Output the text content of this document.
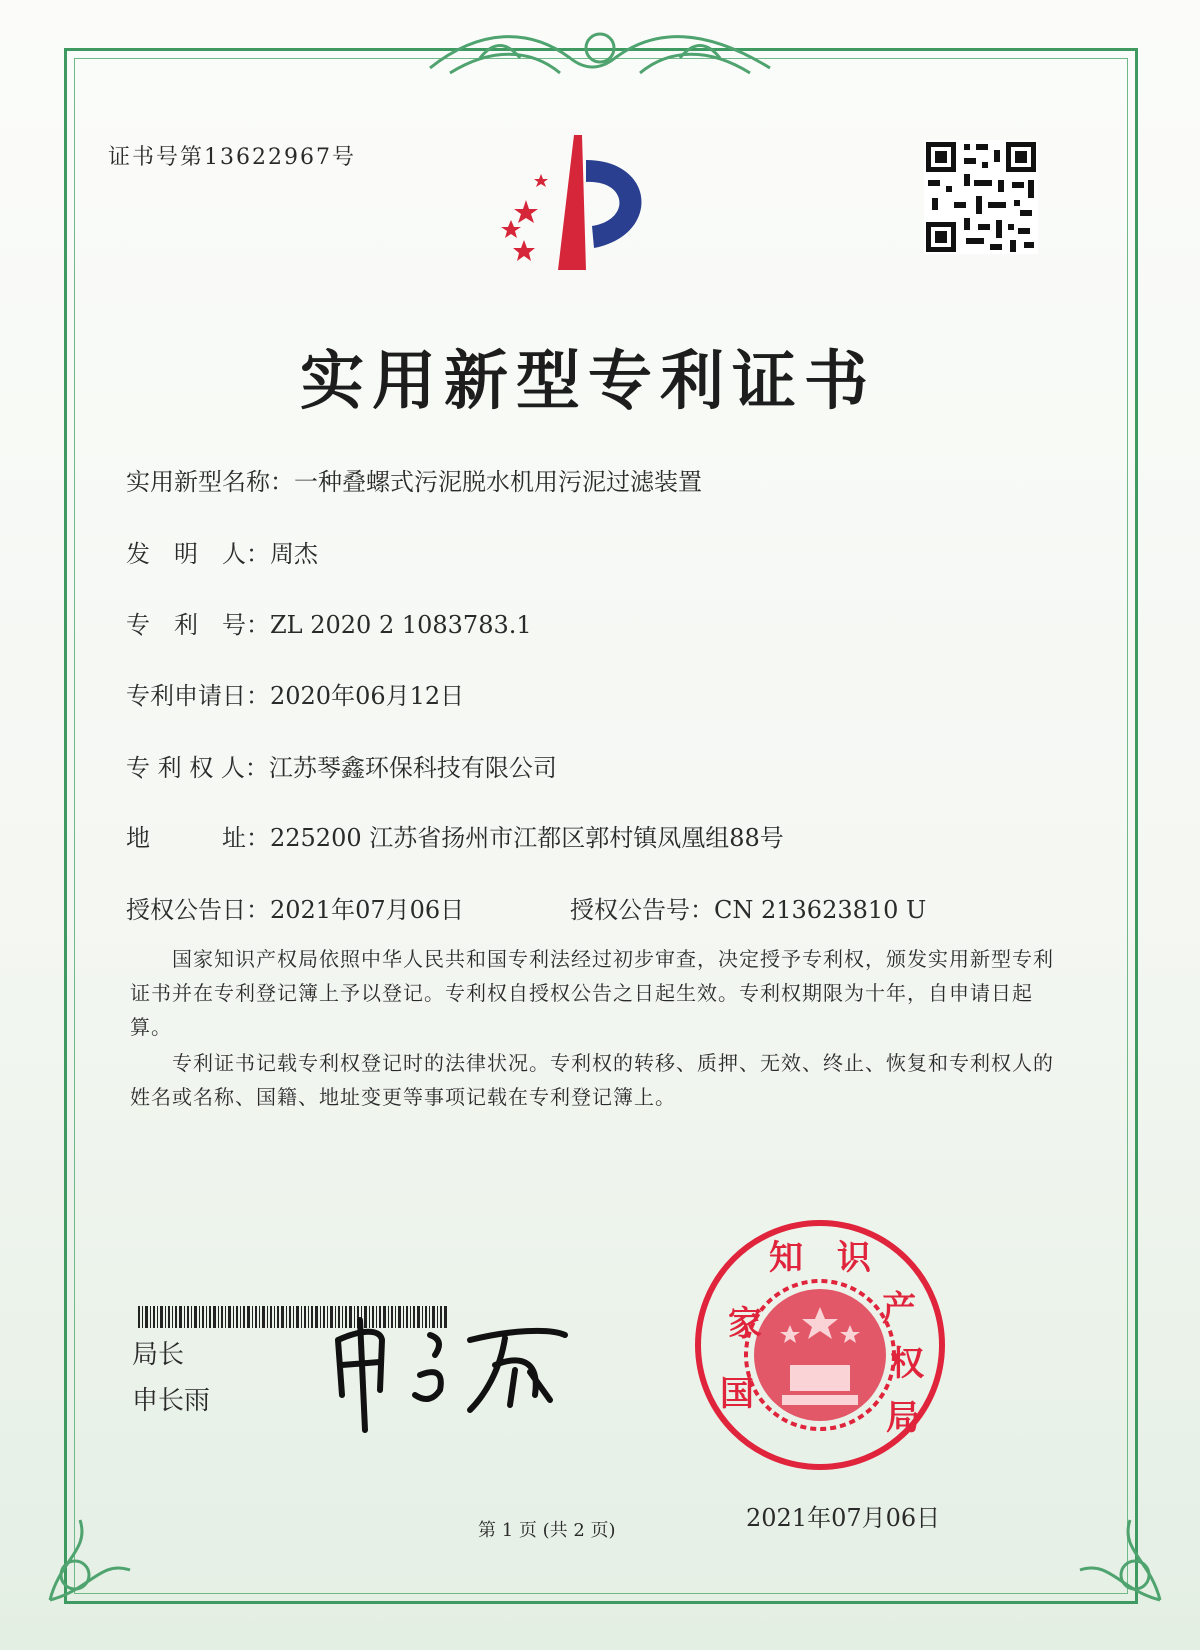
证书号第13622967号
实用新型专利证书
实用新型名称：一种叠螺式污泥脱水机用污泥过滤装置
发　明　人：周杰
专　利　号：ZL 2020 2 1083783.1
专利申请日：2020年06月12日
专 利 权 人：江苏琴鑫环保科技有限公司
地　　　址：225200 江苏省扬州市江都区郭村镇凤凰组88号
授权公告日：2021年07月06日	授权公告号：CN 213623810 U
国家知识产权局依照中华人民共和国专利法经过初步审查，决定授予专利权，颁发实用新型专利证书并在专利登记簿上予以登记。专利权自授权公告之日起生效。专利权期限为十年，自申请日起算。
专利证书记载专利权登记时的法律状况。专利权的转移、质押、无效、终止、恢复和专利权人的姓名或名称、国籍、地址变更等事项记载在专利登记簿上。
局长
申长雨
知　识
家
国
产
权
局
2021年07月06日
第 1 页 (共 2 页)
